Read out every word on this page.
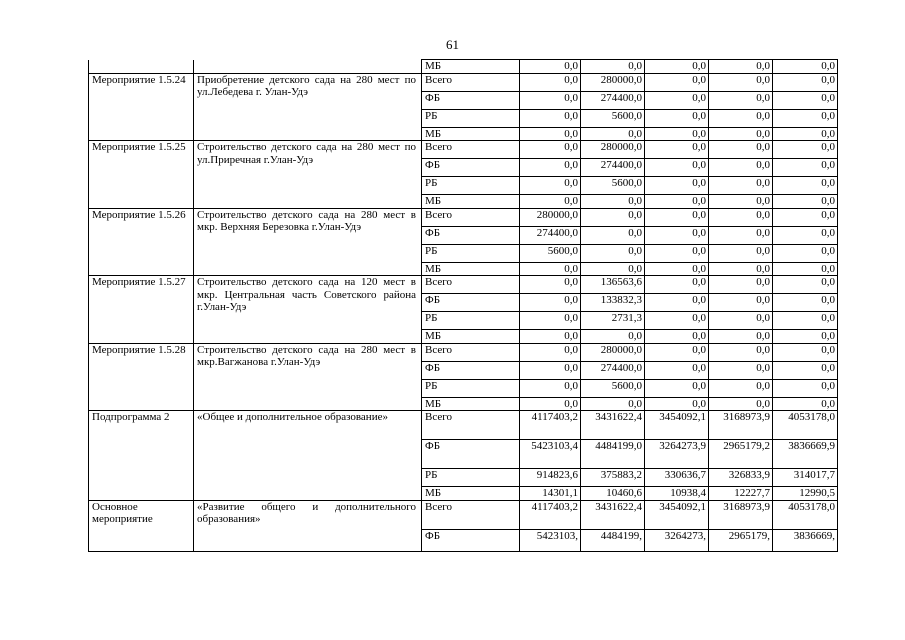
61
		МБ	0,0	0,0	0,0	0,0	0,0

Мероприятие 1.5.24	Приобретение детского сада на 280 мест по ул.Лебедева г. Улан-Удэ	Всего	0,0	280000,0	0,0	0,0	0,0
		ФБ	0,0	274400,0	0,0	0,0	0,0
		РБ	0,0	5600,0	0,0	0,0	0,0
		МБ	0,0	0,0	0,0	0,0	0,0

Мероприятие 1.5.25	Строительство детского сада на 280 мест по ул.Приречная г.Улан-Удэ	Всего	0,0	280000,0	0,0	0,0	0,0
		ФБ	0,0	274400,0	0,0	0,0	0,0
		РБ	0,0	5600,0	0,0	0,0	0,0
		МБ	0,0	0,0	0,0	0,0	0,0

Мероприятие 1.5.26	Строительство детского сада на 280 мест в мкр. Верхняя Березовка г.Улан-Удэ	Всего	280000,0	0,0	0,0	0,0	0,0
		ФБ	274400,0	0,0	0,0	0,0	0,0
		РБ	5600,0	0,0	0,0	0,0	0,0
		МБ	0,0	0,0	0,0	0,0	0,0

Мероприятие 1.5.27	Строительство детского сада на 120 мест в мкр. Центральная часть Советского района г.Улан-Удэ	Всего	0,0	136563,6	0,0	0,0	0,0
		ФБ	0,0	133832,3	0,0	0,0	0,0
		РБ	0,0	2731,3	0,0	0,0	0,0
		МБ	0,0	0,0	0,0	0,0	0,0

Мероприятие 1.5.28	Строительство детского сада на 280 мест в мкр.Вагжанова г.Улан-Удэ	Всего	0,0	280000,0	0,0	0,0	0,0
		ФБ	0,0	274400,0	0,0	0,0	0,0
		РБ	0,0	5600,0	0,0	0,0	0,0
		МБ	0,0	0,0	0,0	0,0	0,0

Подпрограмма 2	«Общее и дополнительное образование»	Всего	4117403,2	3431622,4	3454092,1	3168973,9	4053178,0
		ФБ	5423103,4	4484199,0	3264273,9	2965179,2	3836669,9
		РБ	914823,6	375883,2	330636,7	326833,9	314017,7
		МБ	14301,1	10460,6	10938,4	12227,7	12990,5

Основное мероприятие	«Развитие общего и дополнительного образования»	Всего	4117403,2	3431622,4	3454092,1	3168973,9	4053178,0
		ФБ	5423103,	4484199,	3264273,	2965179,	3836669,
